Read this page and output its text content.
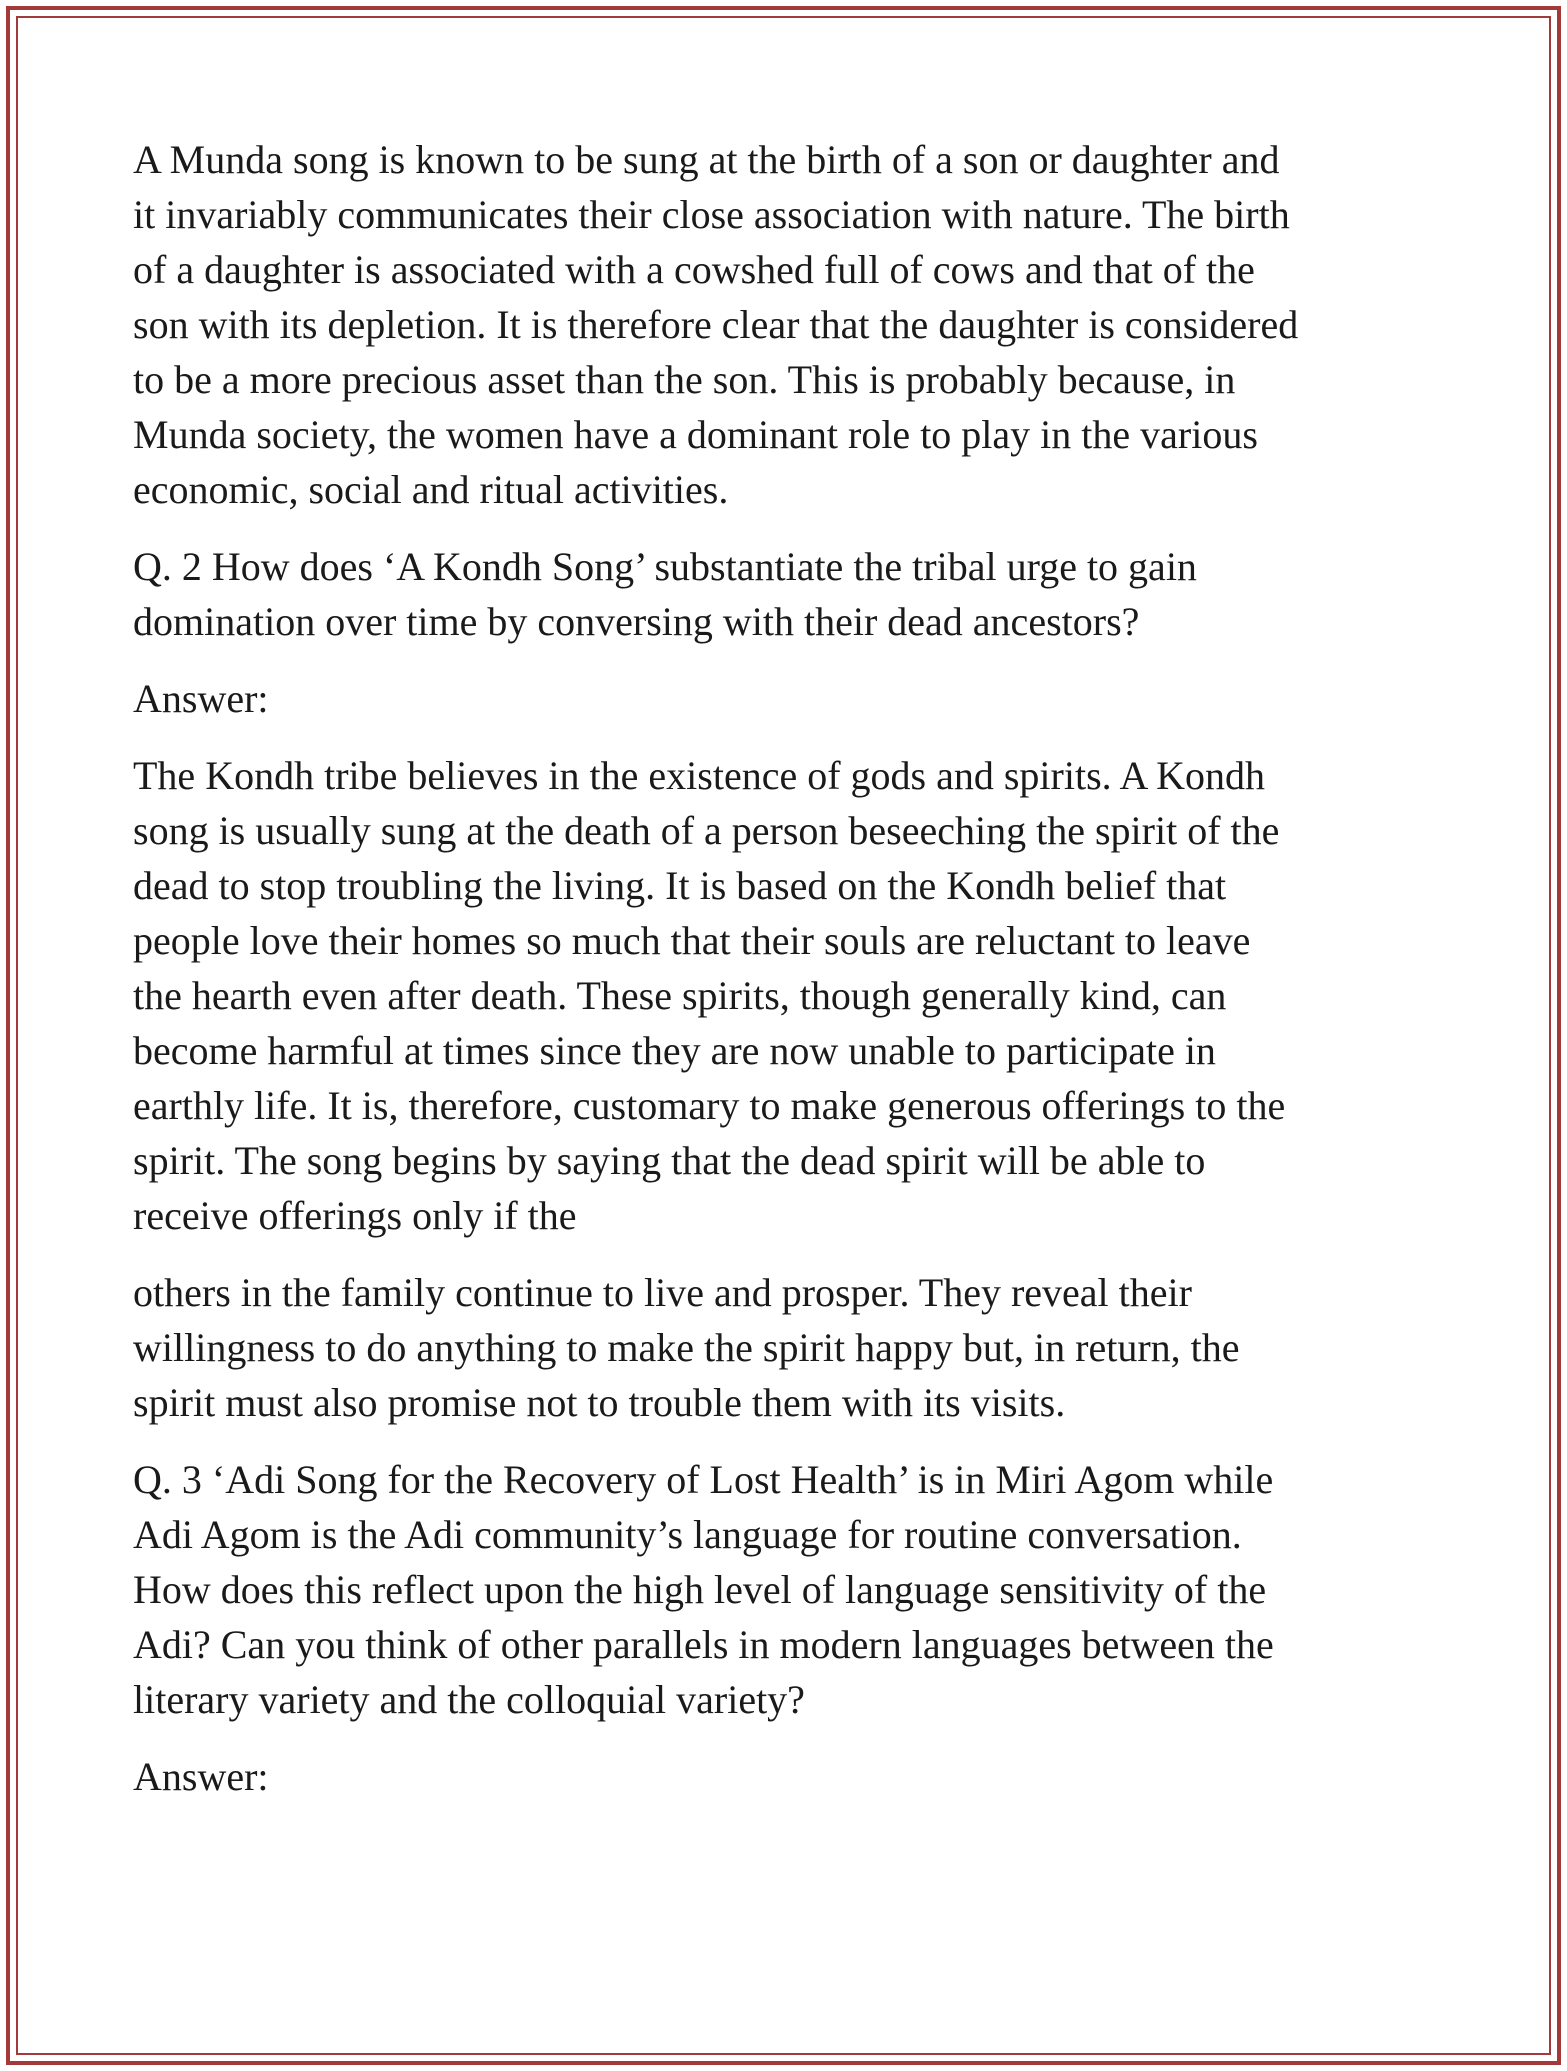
A Munda song is known to be sung at the birth of a son or daughter and
it invariably communicates their close association with nature. The birth
of a daughter is associated with a cowshed full of cows and that of the
son with its depletion. It is therefore clear that the daughter is considered
to be a more precious asset than the son. This is probably because, in
Munda society, the women have a dominant role to play in the various
economic, social and ritual activities.

Q. 2 How does ‘A Kondh Song’ substantiate the tribal urge to gain
domination over time by conversing with their dead ancestors?

Answer:

The Kondh tribe believes in the existence of gods and spirits. A Kondh
song is usually sung at the death of a person beseeching the spirit of the
dead to stop troubling the living. It is based on the Kondh belief that
people love their homes so much that their souls are reluctant to leave
the hearth even after death. These spirits, though generally kind, can
become harmful at times since they are now unable to participate in
earthly life. It is, therefore, customary to make generous offerings to the
spirit. The song begins by saying that the dead spirit will be able to
receive offerings only if the

others in the family continue to live and prosper. They reveal their
willingness to do anything to make the spirit happy but, in return, the
spirit must also promise not to trouble them with its visits.

Q. 3 ‘Adi Song for the Recovery of Lost Health’ is in Miri Agom while
Adi Agom is the Adi community’s language for routine conversation.
How does this reflect upon the high level of language sensitivity of the
Adi? Can you think of other parallels in modern languages between the
literary variety and the colloquial variety?

Answer:
